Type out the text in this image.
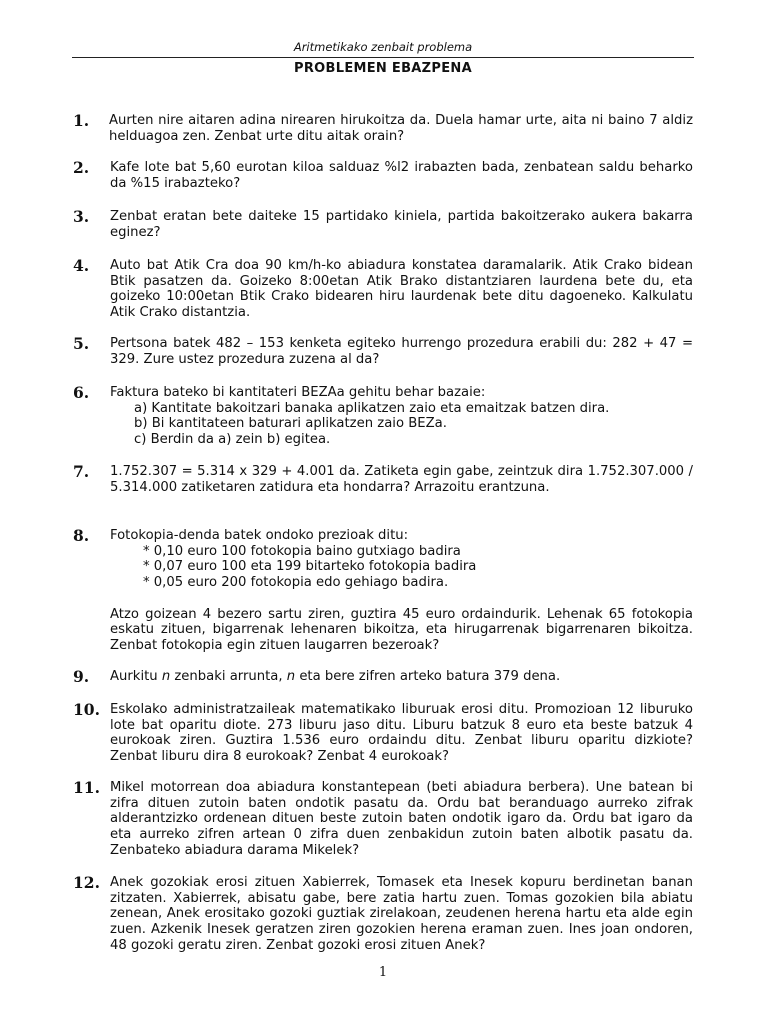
Aritmetikako zenbait problema
PROBLEMEN EBAZPENA
1. Aurten nire aitaren adina nirearen hirukoitza da. Duela hamar urte, aita ni baino 7 aldiz helduagoa zen. Zenbat urte ditu aitak orain?

2. Kafe lote bat 5,60 eurotan kiloa salduaz %l2 irabazten bada, zenbatean saldu beharko da %15 irabazteko?

3. Zenbat eratan bete daiteke 15 partidako kiniela, partida bakoitzerako aukera bakarra eginez?

4. Auto bat Atik Cra doa 90 km/h-ko abiadura konstatea daramalarik. Atik Crako bidean Btik pasatzen da. Goizeko 8:00etan Atik Brako distantziaren laurdena bete du, eta goizeko 10:00etan Btik Crako bidearen hiru laurdenak bete ditu dagoeneko. Kalkulatu Atik Crako distantzia.

5. Pertsona batek 482 – 153 kenketa egiteko hurrengo prozedura erabili du: 282 + 47 = 329. Zure ustez prozedura zuzena al da?

6. Faktura bateko bi kantitateri BEZAa gehitu behar bazaie:

a) Kantitate bakoitzari banaka aplikatzen zaio eta emaitzak batzen dira.

b) Bi kantitateen baturari aplikatzen zaio BEZa.

c) Berdin da a) zein b) egitea.

7. 1.752.307 = 5.314 x 329 + 4.001 da. Zatiketa egin gabe, zeintzuk dira 1.752.307.000 / 5.314.000 zatiketaren zatidura eta hondarra? Arrazoitu erantzuna.

8. Fotokopia-denda batek ondoko prezioak ditu:

* 0,10 euro 100 fotokopia baino gutxiago badira

* 0,07 euro 100 eta 199 bitarteko fotokopia badira

* 0,05 euro 200 fotokopia edo gehiago badira.

Atzo goizean 4 bezero sartu ziren, guztira 45 euro ordaindurik. Lehenak 65 fotokopia eskatu zituen, bigarrenak lehenaren bikoitza, eta hirugarrenak bigarrenaren bikoitza. Zenbat fotokopia egin zituen laugarren bezeroak?

9. Aurkitu n zenbaki arrunta, n eta bere zifren arteko batura 379 dena.

10. Eskolako administratzaileak matematikako liburuak erosi ditu. Promozioan 12 liburuko lote bat oparitu diote. 273 liburu jaso ditu. Liburu batzuk 8 euro eta beste batzuk 4 eurokoak ziren. Guztira 1.536 euro ordaindu ditu. Zenbat liburu oparitu dizkiote? Zenbat liburu dira 8 eurokoak? Zenbat 4 eurokoak?

11. Mikel motorrean doa abiadura konstantepean (beti abiadura berbera). Une batean bi zifra dituen zutoin baten ondotik pasatu da. Ordu bat beranduago aurreko zifrak alderantzizko ordenean dituen beste zutoin baten ondotik igaro da. Ordu bat igaro da eta aurreko zifren artean 0 zifra duen zenbakidun zutoin baten albotik pasatu da. Zenbateko abiadura darama Mikelek?

12. Anek gozokiak erosi zituen Xabierrek, Tomasek eta Inesek kopuru berdinetan banan zitzaten. Xabierrek, abisatu gabe, bere zatia hartu zuen. Tomas gozokien bila abiatu zenean, Anek erositako gozoki guztiak zirelakoan, zeudenen herena hartu eta alde egin zuen. Azkenik Inesek geratzen ziren gozokien herena eraman zuen. Ines joan ondoren, 48 gozoki geratu ziren. Zenbat gozoki erosi zituen Anek?

1
